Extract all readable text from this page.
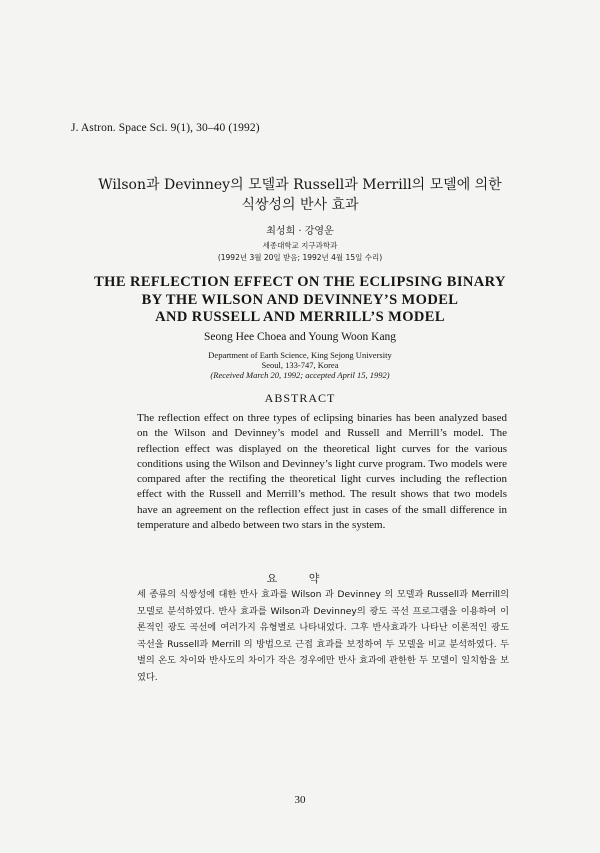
J. Astron. Space Sci. 9(1), 30–40 (1992)
Wilson과 Devinney의 모델과 Russell과 Merrill의 모델에 의한
식쌍성의 반사 효과
최성희 · 강영운
세종대학교 지구과학과
(1992년 3월 20일 받음; 1992년 4월 15일 수리)
THE REFLECTION EFFECT ON THE ECLIPSING BINARY
BY THE WILSON AND DEVINNEY’S MODEL
AND RUSSELL AND MERRILL’S MODEL
Seong Hee Choea and Young Woon Kang
Department of Earth Science, King Sejong University
Seoul, 133-747, Korea
(Received March 20, 1992; accepted April 15, 1992)
ABSTRACT

The reflection effect on three types of eclipsing binaries has been analyzed based on the Wilson and Devinney’s model and Russell and Merrill’s model. The reflection effect was displayed on the theoretical light curves for the various conditions using the Wilson and Devinney’s light curve program. Two models were compared after the rectifing the theoretical light curves including the reflection effect with the Russell and Merrill’s method. The result shows that two models have an agreement on the reflection effect just in cases of the small difference in temperature and albedo between two stars in the system.

요 약

세 종류의 식쌍성에 대한 반사 효과를 Wilson 과 Devinney 의 모델과 Russell과 Merrill의 모델로 분석하였다. 반사 효과를 Wilson과 Devinney의 광도 곡선 프로그램을 이용하여 이론적인 광도 곡선에 여러가지 유형별로 나타내었다. 그후 반사효과가 나타난 이론적인 광도 곡선을 Russell과 Merrill 의 방법으로 근접 효과를 보정하여 두 모델을 비교 분석하였다. 두 별의 온도 차이와 반사도의 차이가 작은 경우에만 반사 효과에 관한한 두 모델이 일치함을 보였다.

30
